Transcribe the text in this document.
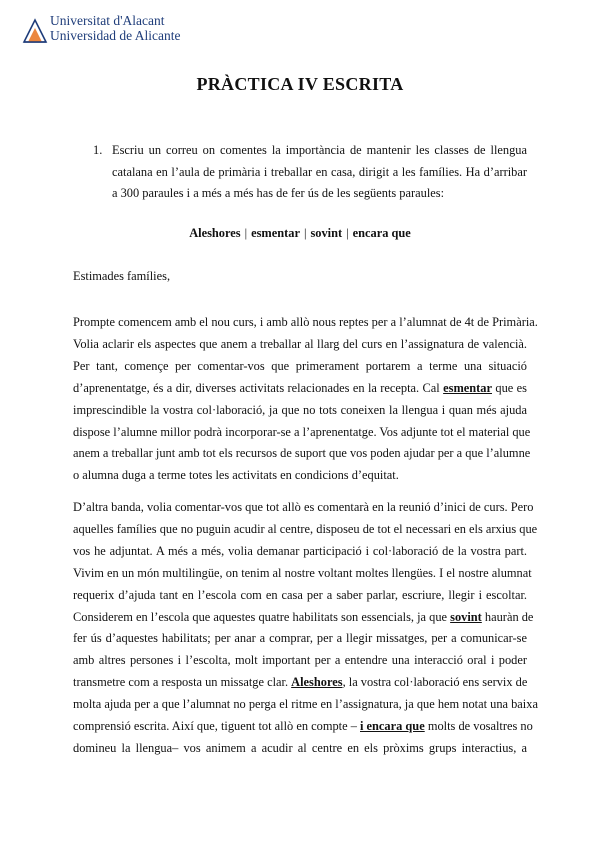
Universitat d'Alacant
Universidad de Alicante
PRÀCTICA IV ESCRITA
1. Escriu un correu on comentes la importància de mantenir les classes de llengua catalana en l’aula de primària i treballar en casa, dirigit a les famílies. Ha d’arribar a 300 paraules i a més a més has de fer ús de les següents paraules:
Aleshores | esmentar | sovint | encara que
Estimades famílies,
Prompte comencem amb el nou curs, i amb allò nous reptes per a l’alumnat de 4t de Primària.
Volia aclarir els aspectes que anem a treballar al llarg del curs en l’assignatura de valencià.
Per tant, començe per comentar-vos que primerament portarem a terme una situació
d’aprenentatge, és a dir, diverses activitats relacionades en la recepta. Cal esmentar que es
imprescindible la vostra col·laboració, ja que no tots coneixen la llengua i quan més ajuda
dispose l’alumne millor podrà incorporar-se a l’aprenentatge. Vos adjunte tot el material que
anem a treballar junt amb tot els recursos de suport que vos poden ajudar per a que l’alumne
o alumna duga a terme totes les activitats en condicions d’equitat.
D’altra banda, volia comentar-vos que tot allò es comentarà en la reunió d’inici de curs. Pero
aquelles famílies que no puguin acudir al centre, disposeu de tot el necessari en els arxius que
vos he adjuntat. A més a més, volia demanar participació i col·laboració de la vostra part.
Vivim en un món multilingüe, on tenim al nostre voltant moltes llengües. I el nostre alumnat
requerix d’ajuda tant en l’escola com en casa per a saber parlar, escriure, llegir i escoltar.
Considerem en l’escola que aquestes quatre habilitats son essencials, ja que sovint hauràn de
fer ús d’aquestes habilitats; per anar a comprar, per a llegir missatges, per a comunicar-se
amb altres persones i l’escolta, molt important per a entendre una interacció oral i poder
transmetre com a resposta un missatge clar. Aleshores, la vostra col·laboració ens servix de
molta ajuda per a que l’alumnat no perga el ritme en l’assignatura, ja que hem notat una baixa
comprensió escrita. Així que, tiguent tot allò en compte – i encara que molts de vosaltres no
domineu la llengua– vos animem a acudir al centre en els pròxims grups interactius, a
